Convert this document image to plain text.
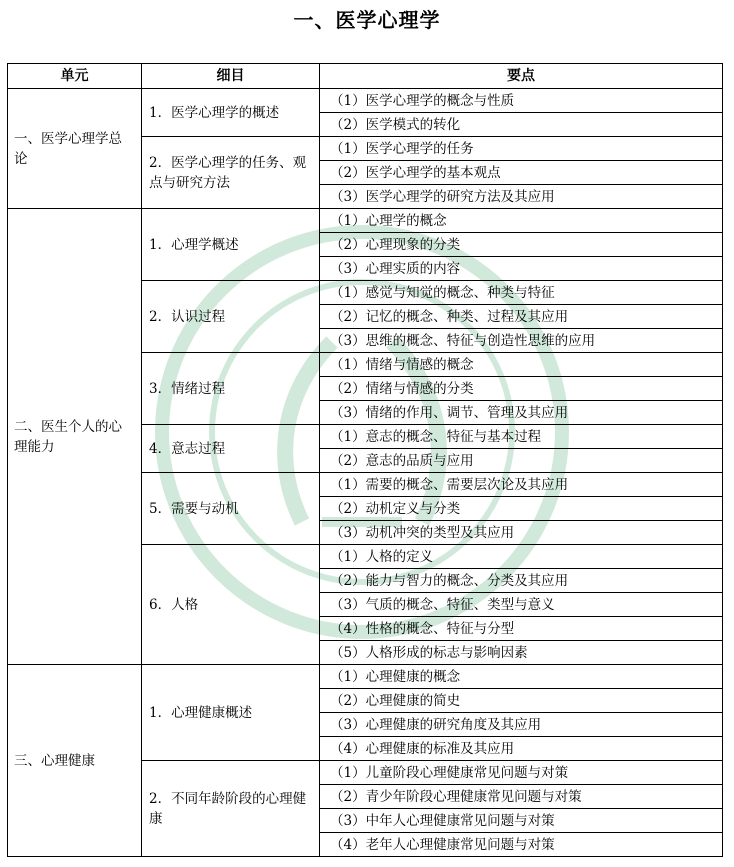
一、医学心理学
单元	细目	要点
一、医学心理学总论	1．医学心理学的概述	（1）医学心理学的概念与性质
		（2）医学模式的转化
	2．医学心理学的任务、观点与研究方法	（1）医学心理学的任务
		（2）医学心理学的基本观点
		（3）医学心理学的研究方法及其应用
二、医生个人的心理能力	1．心理学概述	（1）心理学的概念
		（2）心理现象的分类
		（3）心理实质的内容
	2．认识过程	（1）感觉与知觉的概念、种类与特征
		（2）记忆的概念、种类、过程及其应用
		（3）思维的概念、特征与创造性思维的应用
	3．情绪过程	（1）情绪与情感的概念
		（2）情绪与情感的分类
		（3）情绪的作用、调节、管理及其应用
	4．意志过程	（1）意志的概念、特征与基本过程
		（2）意志的品质与应用
	5．需要与动机	（1）需要的概念、需要层次论及其应用
		（2）动机定义与分类
		（3）动机冲突的类型及其应用
	6．人格	（1）人格的定义
		（2）能力与智力的概念、分类及其应用
		（3）气质的概念、特征、类型与意义
		（4）性格的概念、特征与分型
		（5）人格形成的标志与影响因素
三、心理健康	1．心理健康概述	（1）心理健康的概念
		（2）心理健康的简史
		（3）心理健康的研究角度及其应用
		（4）心理健康的标准及其应用
	2．不同年龄阶段的心理健康	（1）儿童阶段心理健康常见问题与对策
		（2）青少年阶段心理健康常见问题与对策
		（3）中年人心理健康常见问题与对策
		（4）老年人心理健康常见问题与对策
